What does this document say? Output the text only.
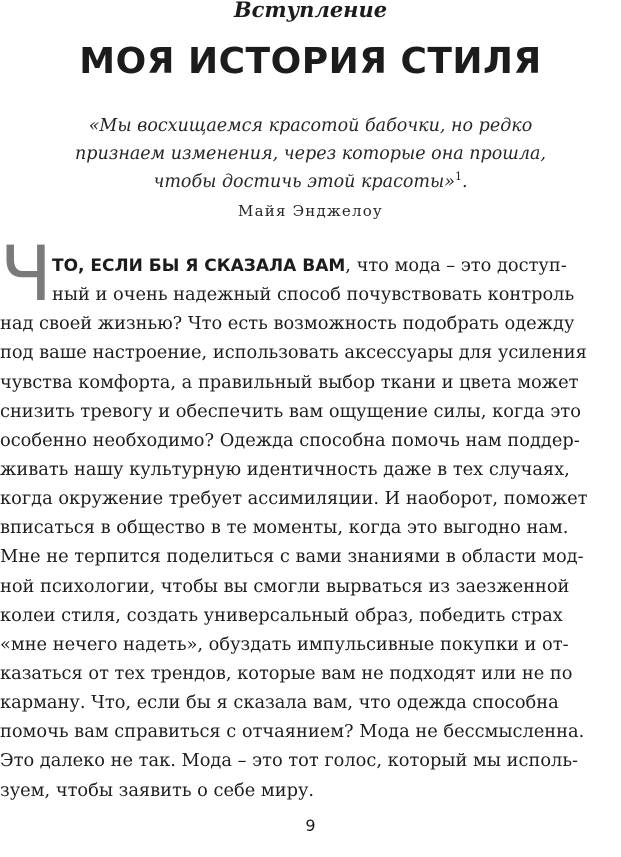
Вступление
МОЯ ИСТОРИЯ СТИЛЯ
«Мы восхищаемся красотой бабочки, но редко
признаем изменения, через которые она прошла,
чтобы достичь этой красоты»$^1$.
Майя Энджелоу
Ч ТО, ЕСЛИ БЫ Я СКАЗАЛА ВАМ, что мода – это доступ-
ный и очень надежный способ почувствовать контроль
над своей жизнью? Что есть возможность подобрать одежду
под ваше настроение, использовать аксессуары для усиления
чувства комфорта, а правильный выбор ткани и цвета может
снизить тревогу и обеспечить вам ощущение силы, когда это
особенно необходимо? Одежда способна помочь нам поддер-
живать нашу культурную идентичность даже в тех случаях,
когда окружение требует ассимиляции. И наоборот, поможет
вписаться в общество в те моменты, когда это выгодно нам.
Мне не терпится поделиться с вами знаниями в области мод-
ной психологии, чтобы вы смогли вырваться из заезженной
колеи стиля, создать универсальный образ, победить страх
«мне нечего надеть», обуздать импульсивные покупки и от-
казаться от тех трендов, которые вам не подходят или не по
карману. Что, если бы я сказала вам, что одежда способна
помочь вам справиться с отчаянием? Мода не бессмысленна.
Это далеко не так. Мода – это тот голос, который мы исполь-
зуем, чтобы заявить о себе миру.
9
